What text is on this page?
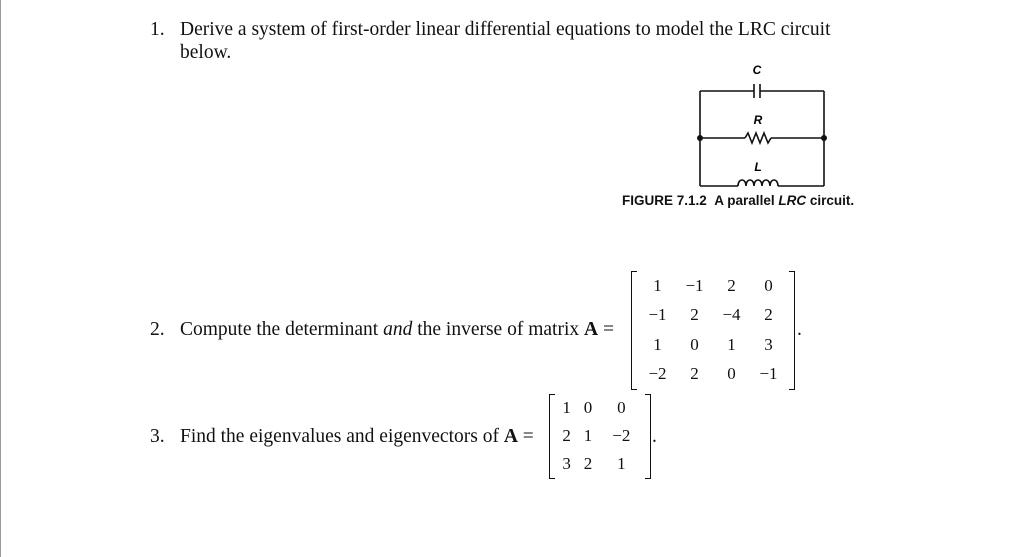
1. Derive a system of first-order linear differential equations to model the LRC circuit
below.
C
R
L
FIGURE 7.1.2 A parallel LRC circuit.
2. Compute the determinant and the inverse of matrix A =
1	−1	2	0
−1	2	−4	2
1	0	1	3
−2	2	0	−1
.
3. Find the eigenvalues and eigenvectors of A =
1	0	0
2	1	−2
3	2	1
.
